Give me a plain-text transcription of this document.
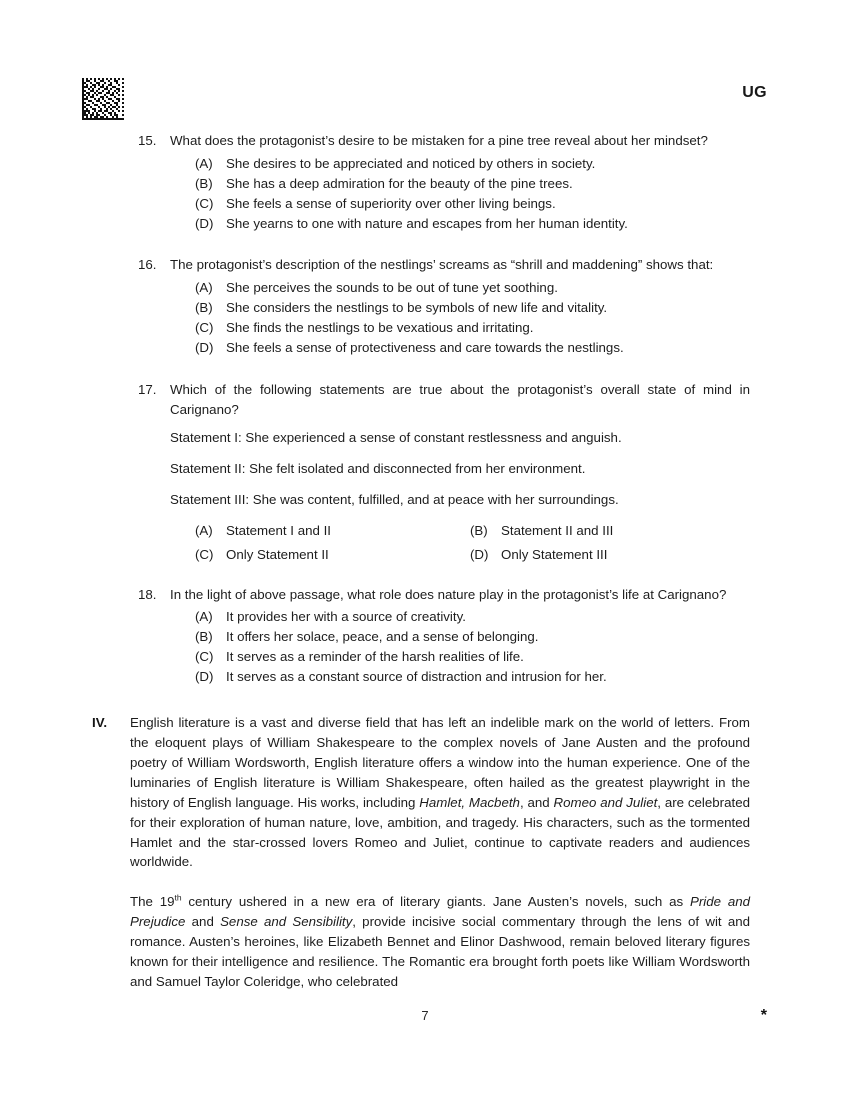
UG
15.	What does the protagonist’s desire to be mistaken for a pine tree reveal about her mindset?
(A) She desires to be appreciated and noticed by others in society.
(B) She has a deep admiration for the beauty of the pine trees.
(C) She feels a sense of superiority over other living beings.
(D) She yearns to one with nature and escapes from her human identity.
16.	The protagonist’s description of the nestlings’ screams as “shrill and maddening” shows that:
(A) She perceives the sounds to be out of tune yet soothing.
(B) She considers the nestlings to be symbols of new life and vitality.
(C) She finds the nestlings to be vexatious and irritating.
(D) She feels a sense of protectiveness and care towards the nestlings.
17.	Which of the following statements are true about the protagonist’s overall state of mind in Carignano?
Statement I: She experienced a sense of constant restlessness and anguish.
Statement II: She felt isolated and disconnected from her environment.
Statement III: She was content, fulfilled, and at peace with her surroundings.
(A) Statement I and II	(B) Statement II and III
(C) Only Statement II	(D) Only Statement III
18.	In the light of above passage, what role does nature play in the protagonist’s life at Carignano?
(A) It provides her with a source of creativity.
(B) It offers her solace, peace, and a sense of belonging.
(C) It serves as a reminder of the harsh realities of life.
(D) It serves as a constant source of distraction and intrusion for her.
IV. English literature is a vast and diverse field that has left an indelible mark on the world of letters. From the eloquent plays of William Shakespeare to the complex novels of Jane Austen and the profound poetry of William Wordsworth, English literature offers a window into the human experience. One of the luminaries of English literature is William Shakespeare, often hailed as the greatest playwright in the history of English language. His works, including Hamlet, Macbeth, and Romeo and Juliet, are celebrated for their exploration of human nature, love, ambition, and tragedy. His characters, such as the tormented Hamlet and the star-crossed lovers Romeo and Juliet, continue to captivate readers and audiences worldwide.

The 19th century ushered in a new era of literary giants. Jane Austen’s novels, such as Pride and Prejudice and Sense and Sensibility, provide incisive social commentary through the lens of wit and romance. Austen’s heroines, like Elizabeth Bennet and Elinor Dashwood, remain beloved literary figures known for their intelligence and resilience. The Romantic era brought forth poets like William Wordsworth and Samuel Taylor Coleridge, who celebrated

7	*
